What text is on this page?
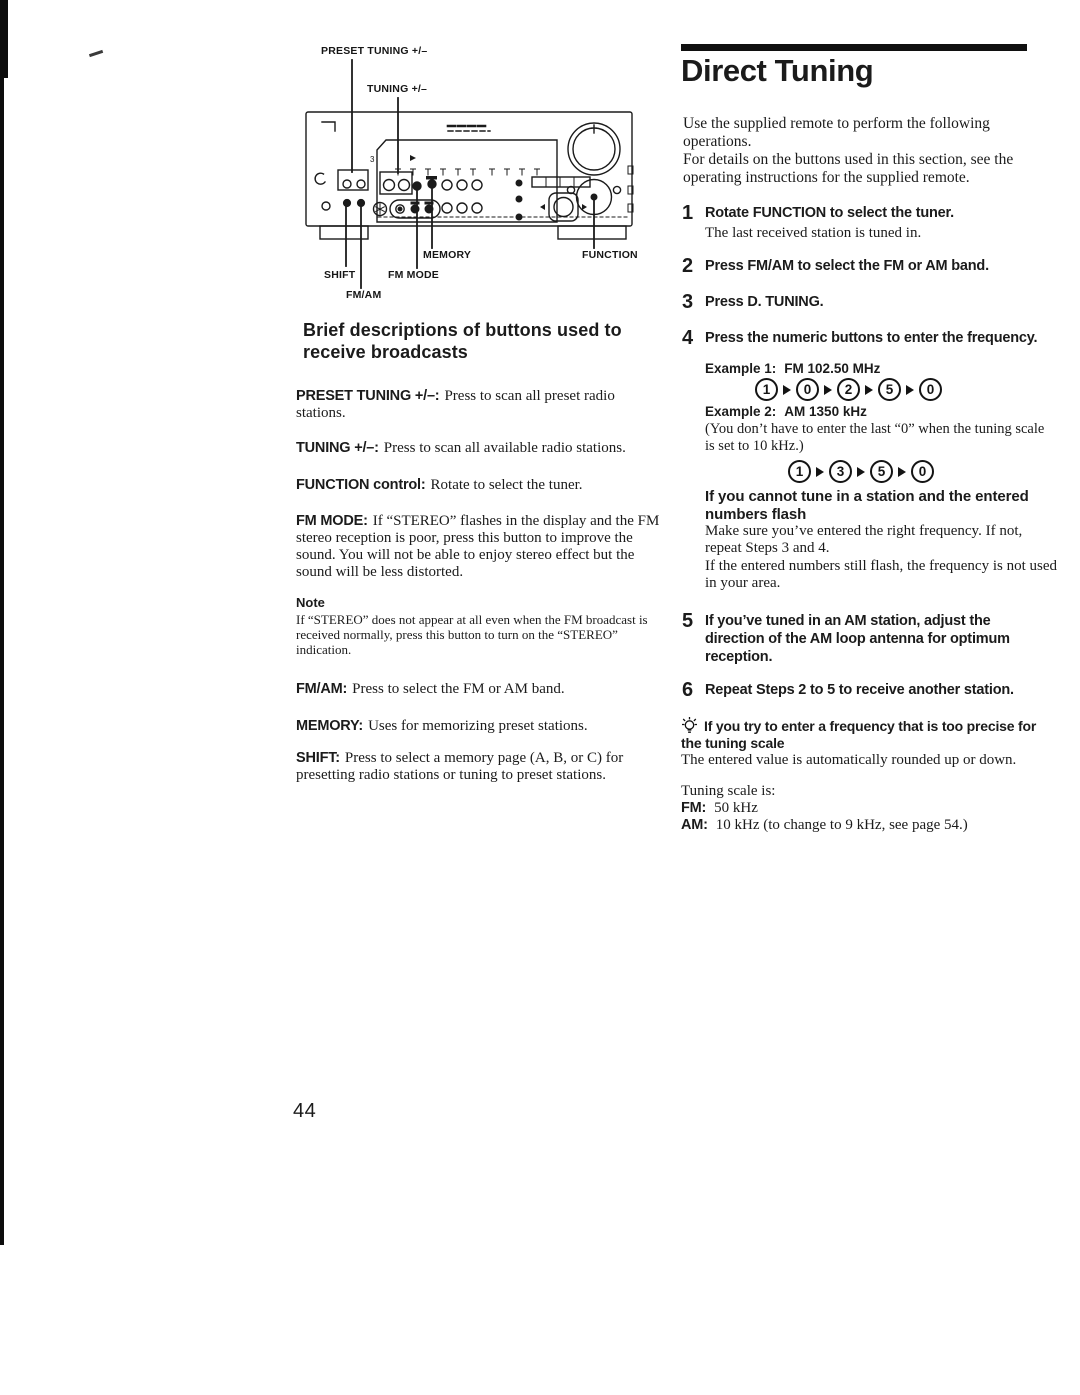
3
PRESET TUNING +/–
TUNING +/–
MEMORY	FUNCTION
SHIFT	FM MODE
FM/AM
Brief descriptions of buttons used to receive broadcasts

PRESET TUNING +/–: Press to scan all preset radio stations.

TUNING +/–: Press to scan all available radio stations.

FUNCTION control: Rotate to select the tuner.

FM MODE: If “STEREO” flashes in the display and the FM stereo reception is poor, press this button to improve the sound. You will not be able to enjoy stereo effect but the sound will be less distorted.

Note

If “STEREO” does not appear at all even when the FM broadcast is received normally, press this button to turn on the “STEREO” indication.

FM/AM: Press to select the FM or AM band.

MEMORY: Uses for memorizing preset stations.

SHIFT: Press to select a memory page (A, B, or C) for presetting radio stations or tuning to preset stations.

Direct Tuning

Use the supplied remote to perform the following operations.
For details on the buttons used in this section, see the operating instructions for the supplied remote.

1 Rotate FUNCTION to select the tuner.
The last received station is tuned in.
2 Press FM/AM to select the FM or AM band.
3 Press D. TUNING.
4 Press the numeric buttons to enter the frequency.

Example 1: FM 102.50 MHz

1	0	2	5	0

Example 2: AM 1350 kHz

(You don’t have to enter the last “0” when the tuning scale is set to 10 kHz.)

1	3	5	0
If you cannot tune in a station and the entered numbers flash

Make sure you’ve entered the right frequency. If not, repeat Steps 3 and 4.

If the entered numbers still flash, the frequency is not used in your area.

5 If you’ve tuned in an AM station, adjust the direction of the AM loop antenna for optimum reception.
6 Repeat Steps 2 to 5 to receive another station.
If you try to enter a frequency that is too precise for the tuning scale

The entered value is automatically rounded up or down.

Tuning scale is:

FM: 50 kHz

AM: 10 kHz (to change to 9 kHz, see page 54.)

44
